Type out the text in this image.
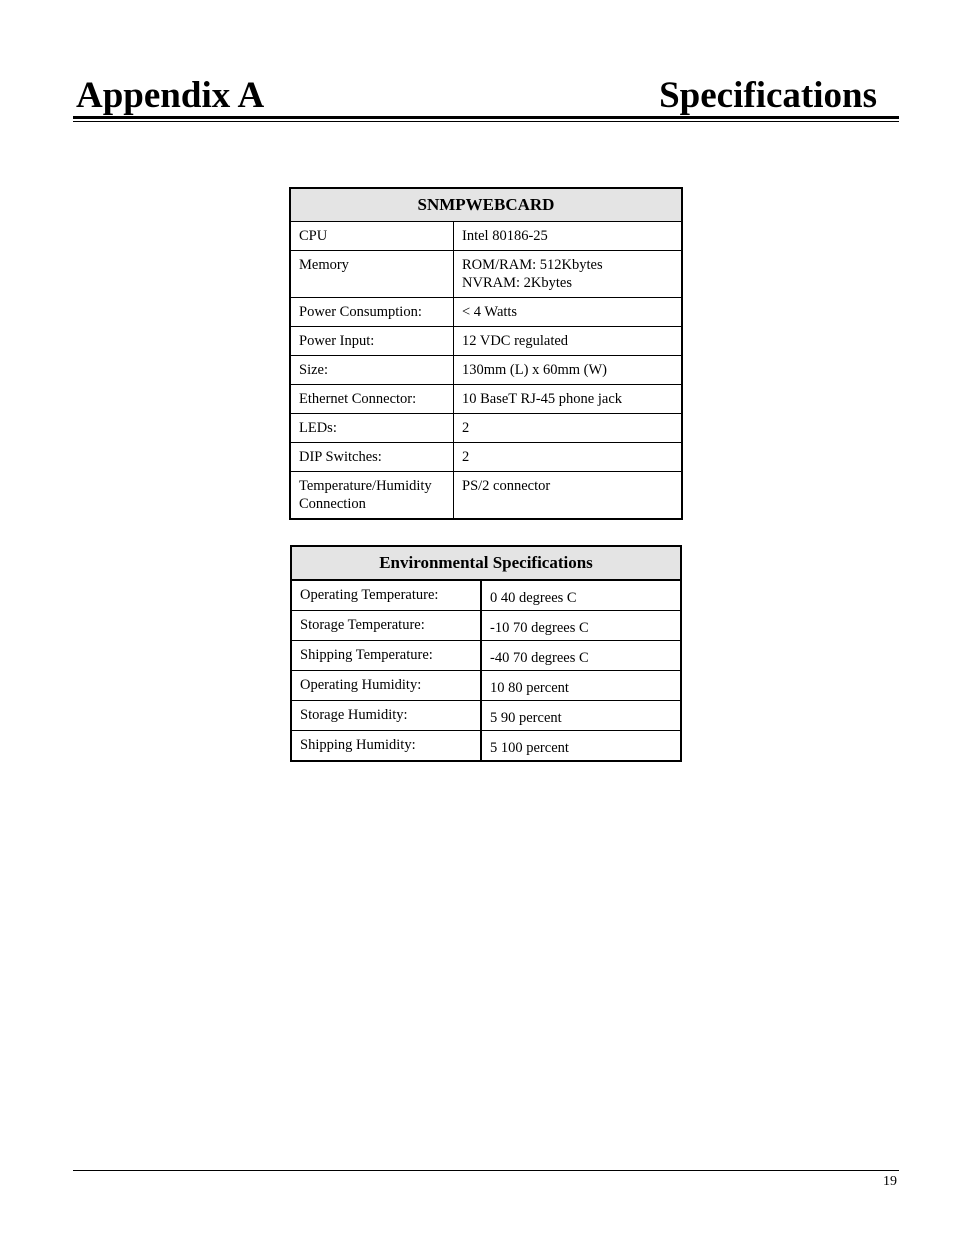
Appendix A	Specifications
SNMPWEBCARD	
CPU	Intel 80186-25
Memory	ROM/RAM: 512Kbytes
NVRAM: 2Kbytes

Power Consumption:	< 4 Watts
Power Input:	12 VDC regulated
Size:	130mm (L) x 60mm (W)
Ethernet Connector:	10 BaseT RJ-45 phone jack
LEDs:	2
DIP Switches:	2

Temperature/Humidity
Connection	PS/2 connector
Environmental Specifications	
Operating Temperature:	0 40 degrees C
Storage Temperature:	-10 70 degrees C
Shipping Temperature:	-40 70 degrees C
Operating Humidity:	10 80 percent
Storage Humidity:	5 90 percent
Shipping Humidity:	5 100 percent
19
